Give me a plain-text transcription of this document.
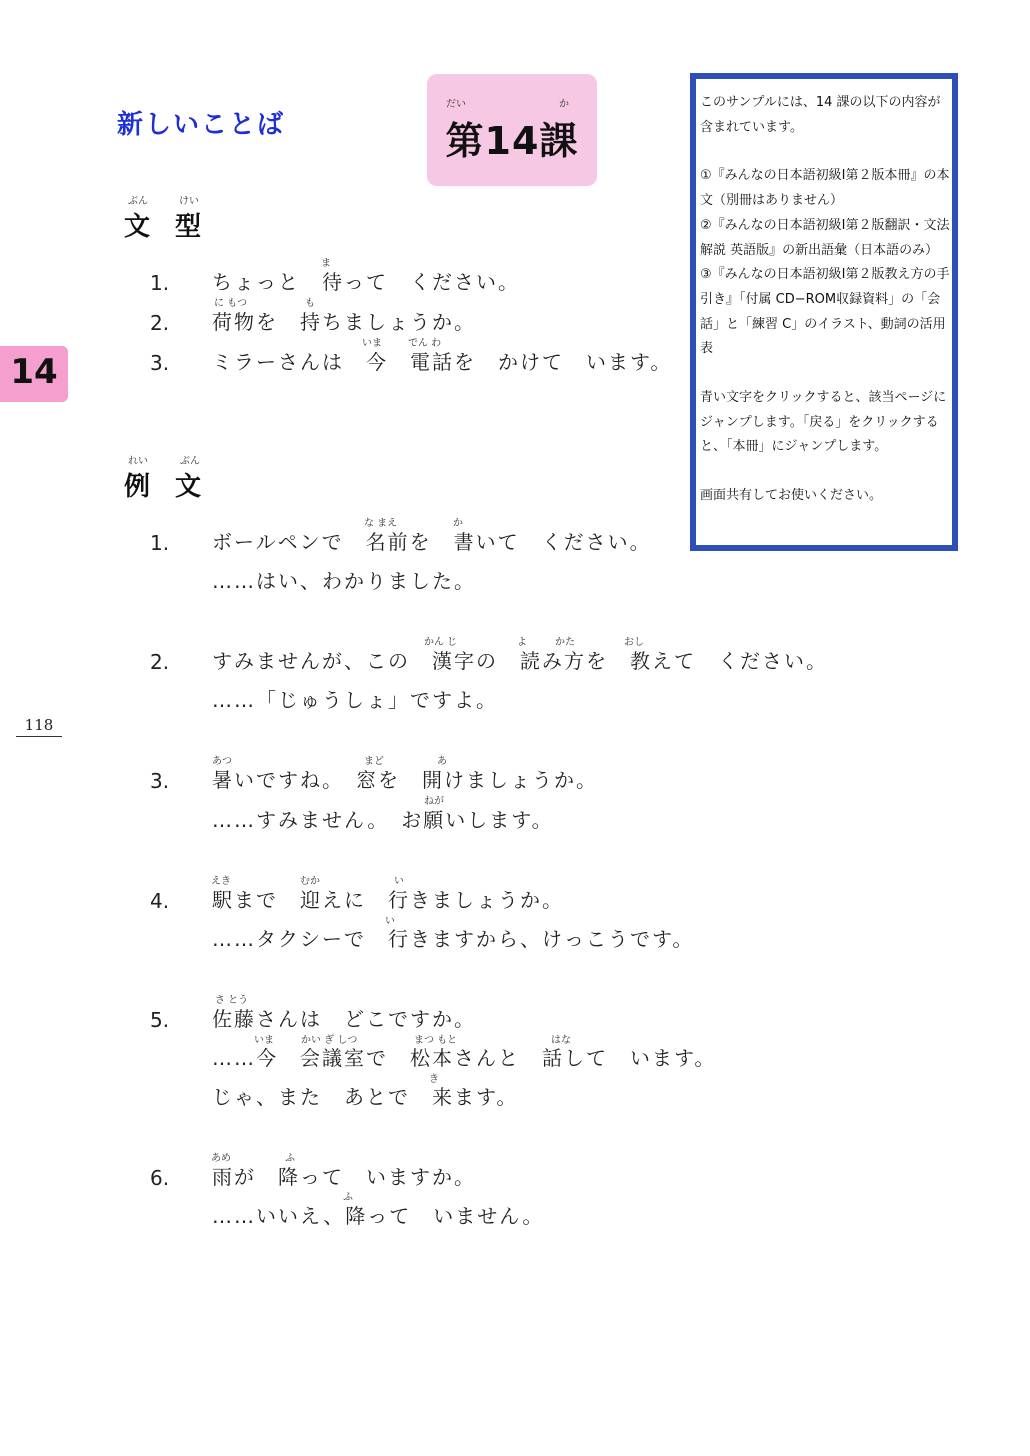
新しいことば
だい	か
第14課
14
118
ぶん	けい
文 型
1.
ま
ちょっと　待って　ください。
2.
に もつ	も
荷物を　持ちましょうか。
3.
いま	でん わ
ミラーさんは　今　電話を　かけて　います。
れい	ぶん
例 文
1.
な まえ	か
ボールペンで　名前を　書いて　ください。
……はい、わかりました。
2.
かん じ	よ	かた	おし
すみませんが、この　漢字の　読み方を　教えて　ください。
……「じゅうしょ」ですよ。
3.
あつ	まど	あ
ねが
暑いですね。　窓を　開けましょうか。
……すみません。　お願いします。
4.
えき	むか	い
い
駅まで　迎えに　行きましょうか。
……タクシーで　行きますから、けっこうです。
5.
さ とう
いま	かい ぎ しつ	まつ もと	はな
き
佐藤さんは　どこですか。
……今　会議室で　松本さんと　話して　います。
じゃ、また　あとで　来ます。
6.
あめ	ふ
ふ
雨が　降って　いますか。
……いいえ、降って　いません。

このサンプルには、14 課の以下の内容が含まれています。

①『みんなの日本語初級Ⅰ第２版本冊』の本文（別冊はありません）

②『みんなの日本語初級Ⅰ第２版翻訳・文法解説 英語版』の新出語彙（日本語のみ）

③『みんなの日本語初級Ⅰ第２版教え方の手引き』「付属 CD−ROM収録資料」の「会話」と「練習 C」のイラスト、動詞の活用表

青い文字をクリックすると、該当ページにジャンプします。「戻る」をクリックすると、「本冊」にジャンプします。

画面共有してお使いください。
